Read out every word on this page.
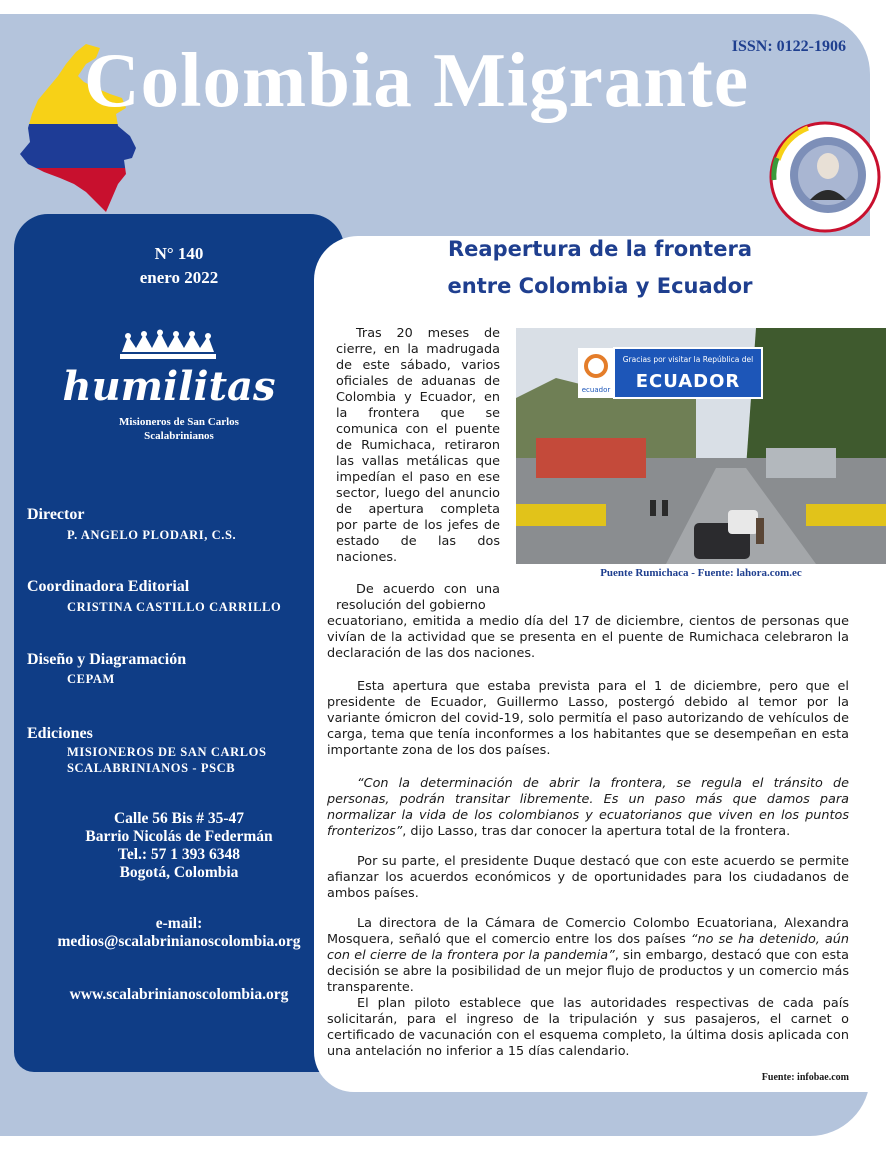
Colombia Migrante
ISSN: 0122-1906
N° 140
enero 2022
humilitas
Misioneros de San Carlos
Scalabrinianos
Director
P. ANGELO PLODARI, C.S.
Coordinadora Editorial
CRISTINA CASTILLO CARRILLO
Diseño y Diagramación
CEPAM
Ediciones
MISIONEROS DE SAN CARLOS
SCALABRINIANOS - PSCB
Calle 56 Bis # 35-47
Barrio Nicolás de Federmán
Tel.: 57 1 393 6348
Bogotá, Colombia
e-mail:
medios@scalabrinianoscolombia.org
www.scalabrinianoscolombia.org
Reapertura de la frontera
entre Colombia y Ecuador
Gracias por visitar la República del
ECUADOR
ecuador
Puente Rumichaca - Fuente: lahora.com.ec

Tras 20 meses de cierre, en la madrugada de este sábado, varios oficiales de aduanas de Colombia y Ecuador, en la frontera que se comunica con el puente de Rumichaca, retiraron las vallas metálicas que impedían el paso en ese sector, luego del anuncio de apertura completa por parte de los jefes de estado de las dos naciones.

De acuerdo con una resolución del gobierno

ecuatoriano, emitida a medio día del 17 de diciembre, cientos de personas que vivían de la actividad que se presenta en el puente de Rumichaca celebraron la declaración de las dos naciones.

Esta apertura que estaba prevista para el 1 de diciembre, pero que el presidente de Ecuador, Guillermo Lasso, postergó debido al temor por la variante ómicron del covid-19, solo permitía el paso autorizando de vehículos de carga, tema que tenía inconformes a los habitantes que se desempeñan en esta importante zona de los dos países.

“Con la determinación de abrir la frontera, se regula el tránsito de personas, podrán transitar libremente. Es un paso más que damos para normalizar la vida de los colombianos y ecuatorianos que viven en los puntos fronterizos”, dijo Lasso, tras dar conocer la apertura total de la frontera.

Por su parte, el presidente Duque destacó que con este acuerdo se permite afianzar los acuerdos económicos y de oportunidades para los ciudadanos de ambos países.

La directora de la Cámara de Comercio Colombo Ecuatoriana, Alexandra Mosquera, señaló que el comercio entre los dos países “no se ha detenido, aún con el cierre de la frontera por la pandemia”, sin embargo, destacó que con esta decisión se abre la posibilidad de un mejor flujo de productos y un comercio más transparente.

El plan piloto establece que las autoridades respectivas de cada país solicitarán, para el ingreso de la tripulación y sus pasajeros, el carnet o certificado de vacunación con el esquema completo, la última dosis aplicada con una antelación no inferior a 15 días calendario.

Fuente: infobae.com
